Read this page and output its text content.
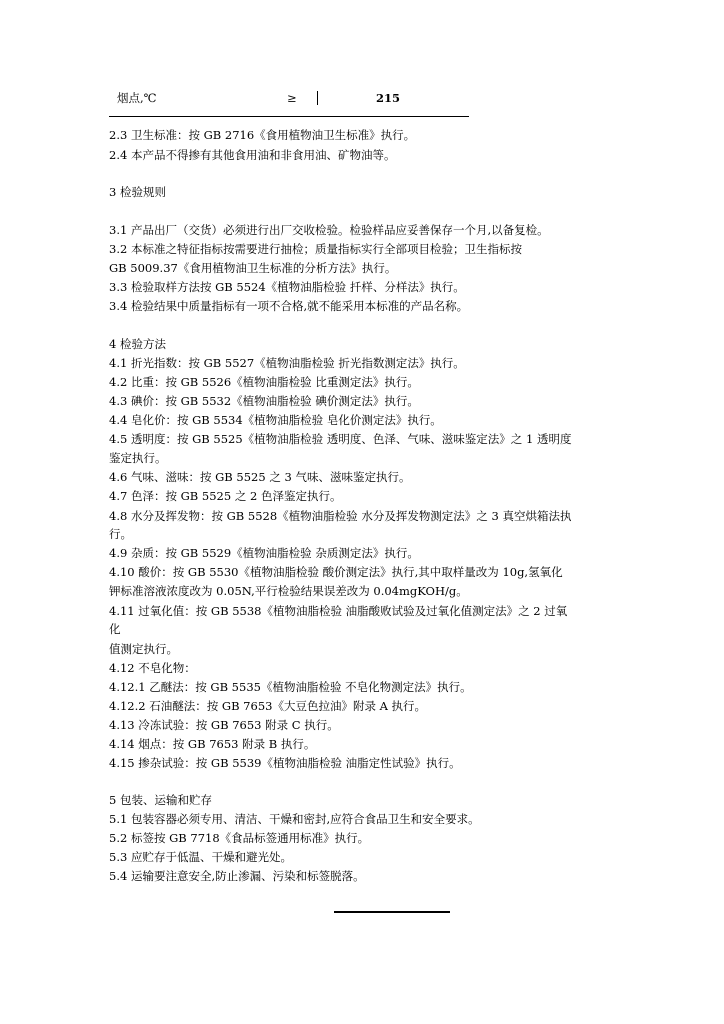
烟点,℃	≥	215
2.3 卫生标准：按 GB 2716《食用植物油卫生标准》执行。
2.4 本产品不得掺有其他食用油和非食用油、矿物油等。
3 检验规则
3.1 产品出厂（交货）必须进行出厂交收检验。检验样品应妥善保存一个月,以备复检。
3.2 本标准之特征指标按需要进行抽检；质量指标实行全部项目检验；卫生指标按
GB 5009.37《食用植物油卫生标准的分析方法》执行。
3.3 检验取样方法按 GB 5524《植物油脂检验 扦样、分样法》执行。
3.4 检验结果中质量指标有一项不合格,就不能采用本标准的产品名称。
4 检验方法
4.1 折光指数：按 GB 5527《植物油脂检验 折光指数测定法》执行。
4.2 比重：按 GB 5526《植物油脂检验 比重测定法》执行。
4.3 碘价：按 GB 5532《植物油脂检验 碘价测定法》执行。
4.4 皂化价：按 GB 5534《植物油脂检验 皂化价测定法》执行。
4.5 透明度：按 GB 5525《植物油脂检验 透明度、色泽、气味、滋味鉴定法》之 1 透明度
鉴定执行。
4.6 气味、滋味：按 GB 5525 之 3 气味、滋味鉴定执行。
4.7 色泽：按 GB 5525 之 2 色泽鉴定执行。
4.8 水分及挥发物：按 GB 5528《植物油脂检验 水分及挥发物测定法》之 3 真空烘箱法执
行。
4.9 杂质：按 GB 5529《植物油脂检验 杂质测定法》执行。
4.10 酸价：按 GB 5530《植物油脂检验 酸价测定法》执行,其中取样量改为 10g,氢氧化
钾标准溶液浓度改为 0.05N,平行检验结果误差改为 0.04mgKOH/g。
4.11 过氧化值：按 GB 5538《植物油脂检验 油脂酸败试验及过氧化值测定法》之 2 过氧
化
值测定执行。
4.12 不皂化物：
4.12.1 乙醚法：按 GB 5535《植物油脂检验 不皂化物测定法》执行。
4.12.2 石油醚法：按 GB 7653《大豆色拉油》附录 A 执行。
4.13 冷冻试验：按 GB 7653 附录 C 执行。
4.14 烟点：按 GB 7653 附录 B 执行。
4.15 掺杂试验：按 GB 5539《植物油脂检验 油脂定性试验》执行。
5 包装、运输和贮存
5.1 包装容器必须专用、清洁、干燥和密封,应符合食品卫生和安全要求。
5.2 标签按 GB 7718《食品标签通用标准》执行。
5.3 应贮存于低温、干燥和避光处。
5.4 运输要注意安全,防止渗漏、污染和标签脱落。
